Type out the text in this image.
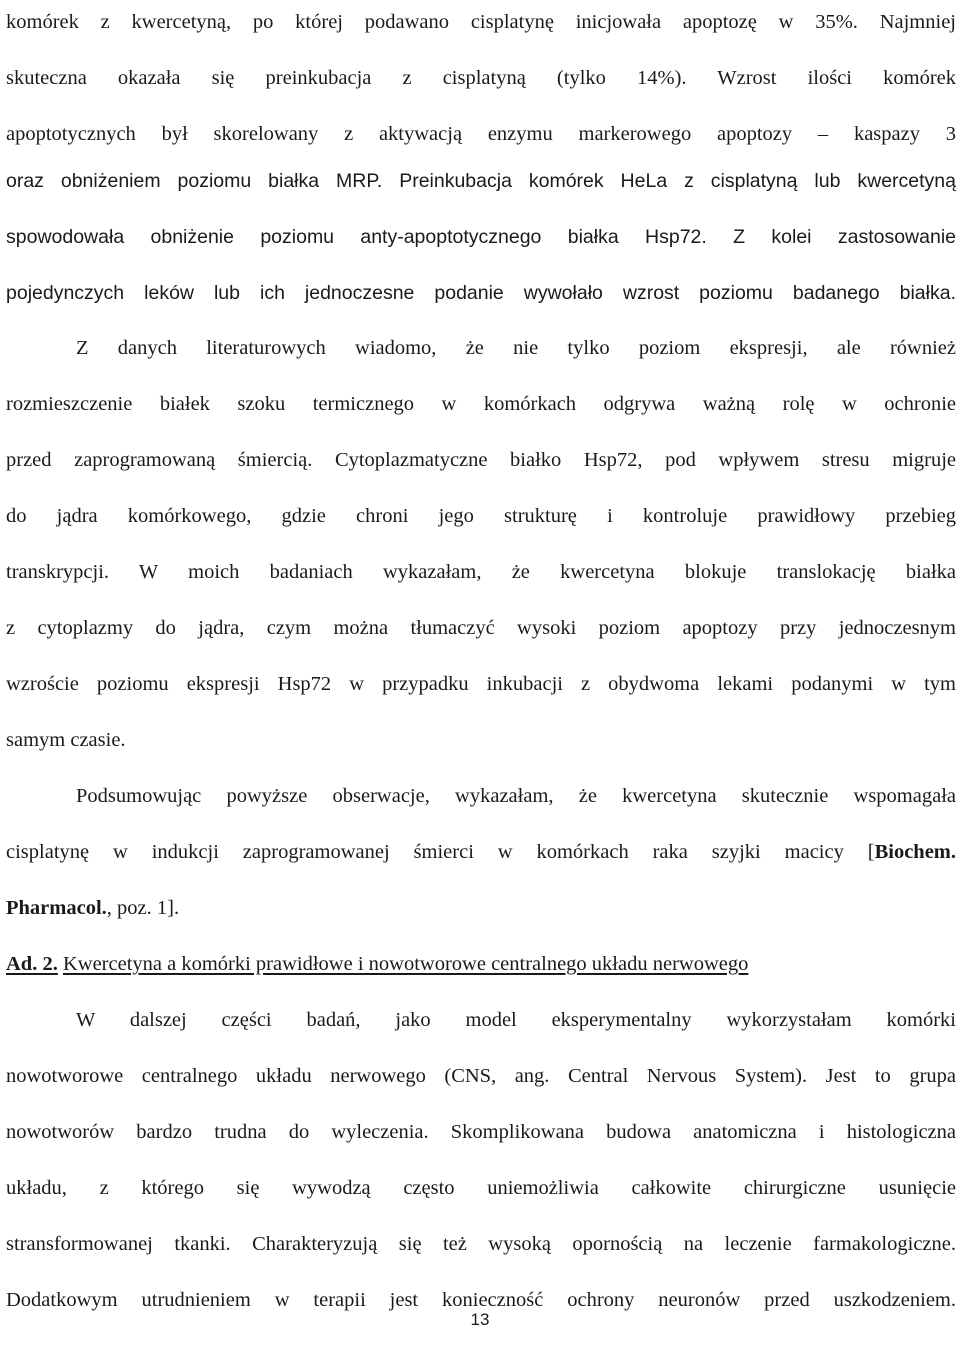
komórek z kwercetyną, po której podawano cisplatynę inicjowała apoptozę w 35%. Najmniej
skuteczna okazała się preinkubacja z cisplatyną (tylko 14%). Wzrost ilości komórek
apoptotycznych był skorelowany z aktywacją enzymu markerowego apoptozy – kaspazy 3
oraz obniżeniem poziomu białka MRP. Preinkubacja komórek HeLa z cisplatyną lub kwercetyną
spowodowała obniżenie poziomu anty-apoptotycznego białka Hsp72. Z kolei zastosowanie
pojedynczych leków lub ich jednoczesne podanie wywołało wzrost poziomu badanego białka.
Z danych literaturowych wiadomo, że nie tylko poziom ekspresji, ale również
rozmieszczenie białek szoku termicznego w komórkach odgrywa ważną rolę w ochronie
przed zaprogramowaną śmiercią. Cytoplazmatyczne białko Hsp72, pod wpływem stresu migruje
do jądra komórkowego, gdzie chroni jego strukturę i kontroluje prawidłowy przebieg
transkrypcji. W moich badaniach wykazałam, że kwercetyna blokuje translokację białka
z cytoplazmy do jądra, czym można tłumaczyć wysoki poziom apoptozy przy jednoczesnym
wzroście poziomu ekspresji Hsp72 w przypadku inkubacji z obydwoma lekami podanymi w tym
samym czasie.
Podsumowując powyższe obserwacje, wykazałam, że kwercetyna skutecznie wspomagała
cisplatynę w indukcji zaprogramowanej śmierci w komórkach raka szyjki macicy [Biochem.
Pharmacol., poz. 1].
Ad. 2. Kwercetyna a komórki prawidłowe i nowotworowe centralnego układu nerwowego
W dalszej części badań, jako model eksperymentalny wykorzystałam komórki
nowotworowe centralnego układu nerwowego (CNS, ang. Central Nervous System). Jest to grupa
nowotworów bardzo trudna do wyleczenia. Skomplikowana budowa anatomiczna i histologiczna
układu, z którego się wywodzą często uniemożliwia całkowite chirurgiczne usunięcie
stransformowanej tkanki. Charakteryzują się też wysoką opornością na leczenie farmakologiczne.
Dodatkowym utrudnieniem w terapii jest konieczność ochrony neuronów przed uszkodzeniem.
13
